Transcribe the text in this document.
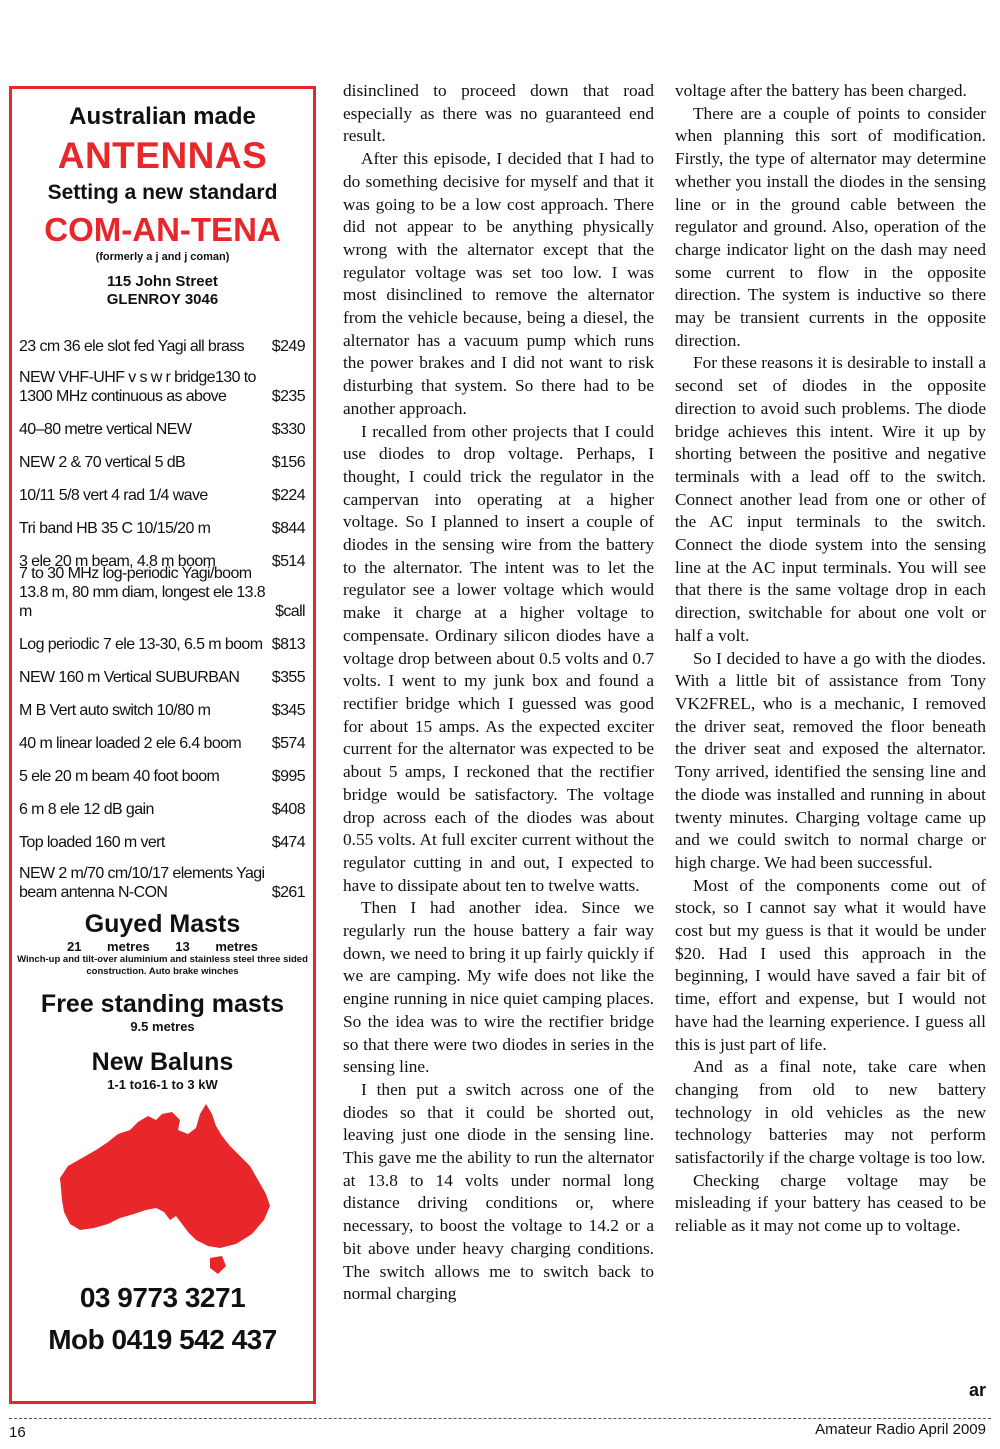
Australian made
ANTENNAS
Setting a new standard
COM-AN-TENA
(formerly a j and j coman)
115 John Street
GLENROY 3046
23 cm 36 ele slot fed Yagi all brass	$249
NEW VHF-UHF v s w r bridge130 to 1300 MHz continuous as above	$235
40–80 metre vertical NEW	$330
NEW 2 & 70 vertical 5 dB	$156
10/11 5/8 vert 4 rad 1/4 wave	$224
Tri band HB 35 C 10/15/20 m	$844
3 ele 20 m beam, 4.8 m boom	$514
7 to 30 MHz log-periodic Yagi/boom 13.8 m, 80 mm diam, longest ele 13.8 m	$call
Log periodic 7 ele 13-30, 6.5 m boom $813
NEW 160 m Vertical SUBURBAN	$355
M B Vert auto switch 10/80 m	$345
40 m linear loaded 2 ele 6.4 boom	$574
5 ele 20 m beam 40 foot boom	$995
6 m 8 ele 12 dB gain	$408
Top loaded 160 m vert	$474
NEW 2 m/70 cm/10/17 elements Yagi beam antenna N-CON	$261
Guyed Masts
21 metres 13 metres
Winch-up and tilt-over aluminium and stainless steel three sided construction. Auto brake winches
Free standing masts
9.5 metres
New Baluns
1-1 to16-1 to 3 kW
03 9773 3271
Mob 0419 542 437

disinclined to proceed down that road especially as there was no guaranteed end result.

After this episode, I decided that I had to do something decisive for myself and that it was going to be a low cost approach. There did not appear to be anything physically wrong with the alternator except that the regulator voltage was set too low. I was most disinclined to remove the alternator from the vehicle because, being a diesel, the alternator has a vacuum pump which runs the power brakes and I did not want to risk disturbing that system. So there had to be another approach.

I recalled from other projects that I could use diodes to drop voltage. Perhaps, I thought, I could trick the regulator in the campervan into operating at a higher voltage. So I planned to insert a couple of diodes in the sensing wire from the battery to the alternator. The intent was to let the regulator see a lower voltage which would make it charge at a higher voltage to compensate. Ordinary silicon diodes have a voltage drop between about 0.5 volts and 0.7 volts. I went to my junk box and found a rectifier bridge which I guessed was good for about 15 amps. As the expected exciter current for the alternator was expected to be about 5 amps, I reckoned that the rectifier bridge would be satisfactory. The voltage drop across each of the diodes was about 0.55 volts. At full exciter current without the regulator cutting in and out, I expected to have to dissipate about ten to twelve watts.

Then I had another idea. Since we regularly run the house battery a fair way down, we need to bring it up fairly quickly if we are camping. My wife does not like the engine running in nice quiet camping places. So the idea was to wire the rectifier bridge so that there were two diodes in series in the sensing line.

I then put a switch across one of the diodes so that it could be shorted out, leaving just one diode in the sensing line. This gave me the ability to run the alternator at 13.8 to 14 volts under normal long distance driving conditions or, where necessary, to boost the voltage to 14.2 or a bit above under heavy charging conditions. The switch allows me to switch back to normal charging

voltage after the battery has been charged.

There are a couple of points to consider when planning this sort of modification. Firstly, the type of alternator may determine whether you install the diodes in the sensing line or in the ground cable between the regulator and ground. Also, operation of the charge indicator light on the dash may need some current to flow in the opposite direction. The system is inductive so there may be transient currents in the opposite direction.

For these reasons it is desirable to install a second set of diodes in the opposite direction to avoid such problems. The diode bridge achieves this intent. Wire it up by shorting between the positive and negative terminals with a lead off to the switch. Connect another lead from one or other of the AC input terminals to the switch. Connect the diode system into the sensing line at the AC input terminals. You will see that there is the same voltage drop in each direction, switchable for about one volt or half a volt.

So I decided to have a go with the diodes. With a little bit of assistance from Tony VK2FREL, who is a mechanic, I removed the driver seat, removed the floor beneath the driver seat and exposed the alternator. Tony arrived, identified the sensing line and the diode was installed and running in about twenty minutes. Charging voltage came up and we could switch to normal charge or high charge. We had been successful.

Most of the components come out of stock, so I cannot say what it would have cost but my guess is that it would be under $20. Had I used this approach in the beginning, I would have saved a fair bit of time, effort and expense, but I would not have had the learning experience. I guess all this is just part of life.

And as a final note, take care when changing from old to new battery technology in old vehicles as the new technology batteries may not perform satisfactorily if the charge voltage is too low.

Checking charge voltage may be misleading if your battery has ceased to be reliable as it may not come up to voltage.

ar
16	Amateur Radio April 2009
